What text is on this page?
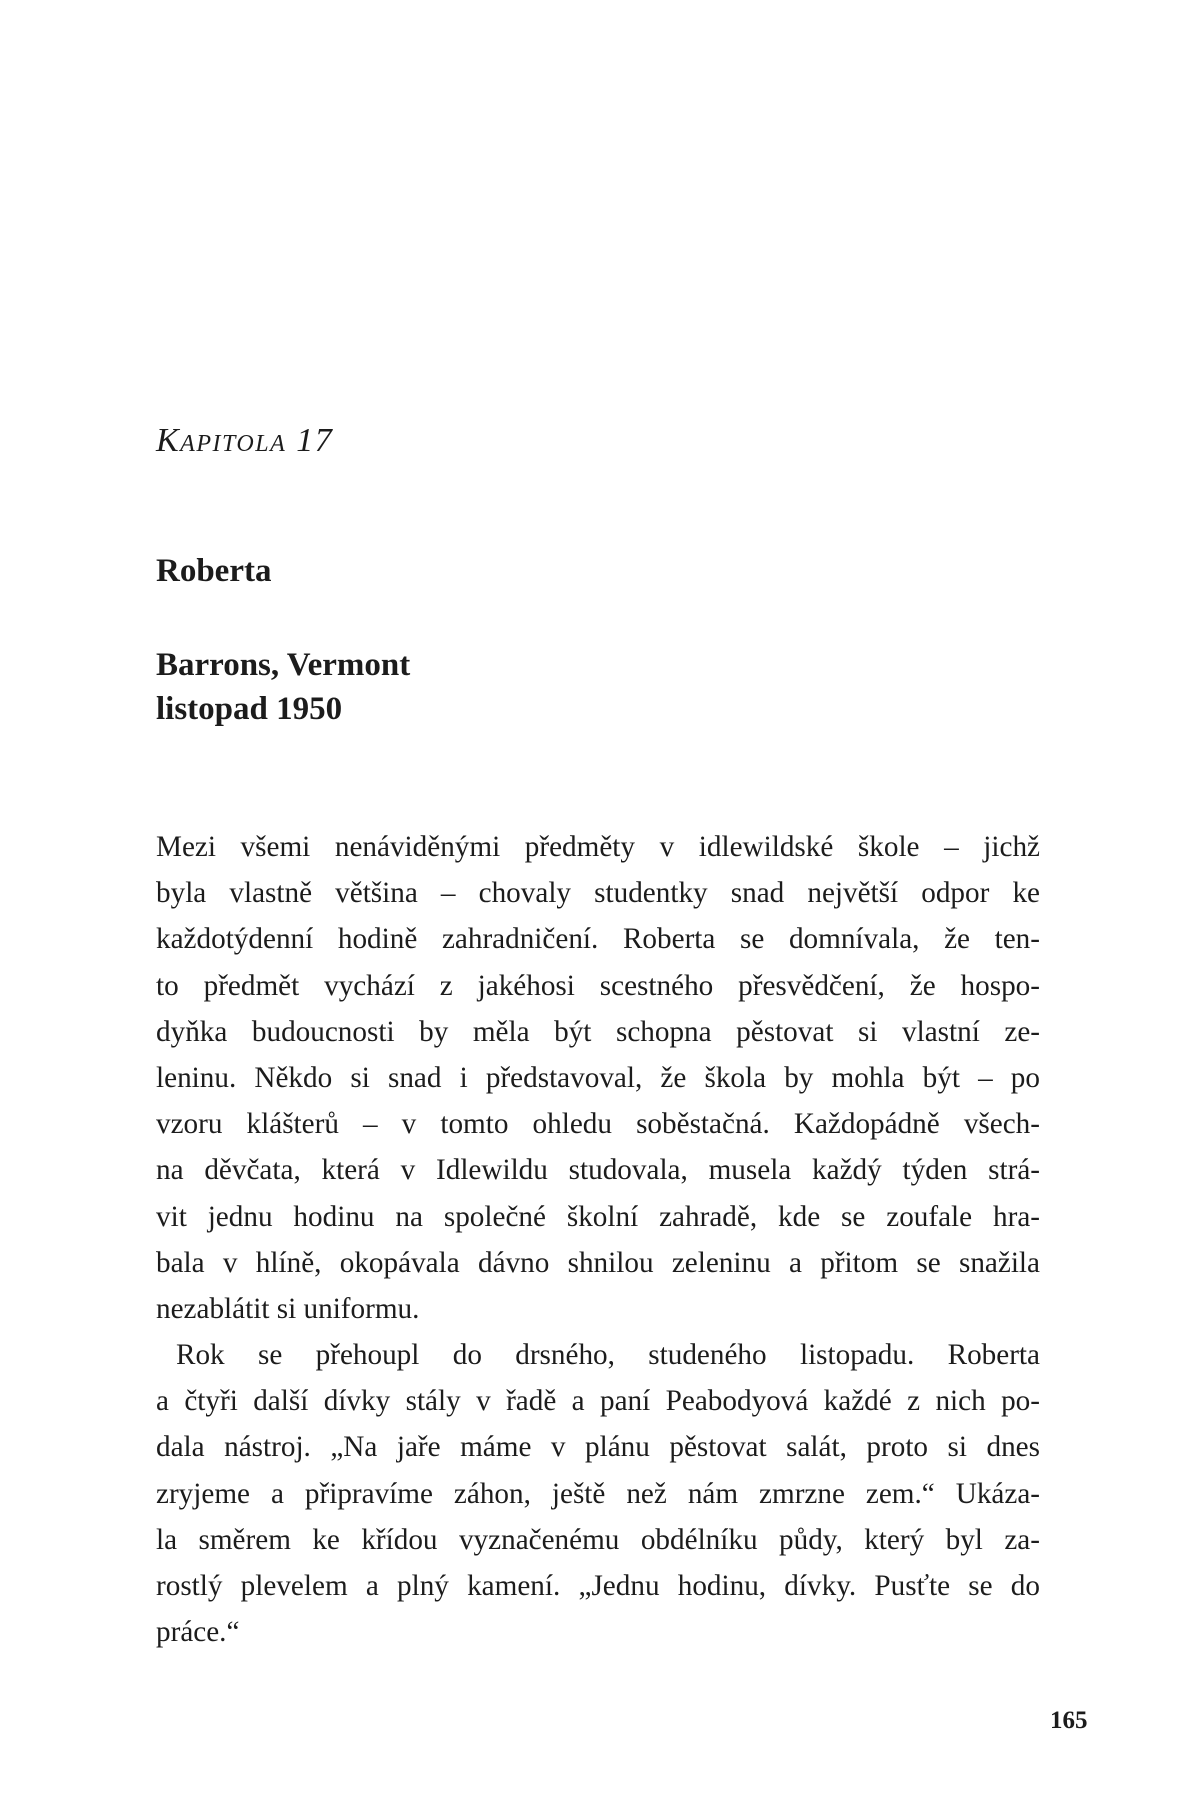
Kapitola 17
Roberta
Barrons, Vermont
listopad 1950
Mezi všemi nenáviděnými předměty v idlewildské škole – jichž
byla vlastně většina – chovaly studentky snad největší odpor ke
každotýdenní hodině zahradničení. Roberta se domnívala, že ten-
to předmět vychází z jakéhosi scestného přesvědčení, že hospo-
dyňka budoucnosti by měla být schopna pěstovat si vlastní ze-
leninu. Někdo si snad i představoval, že škola by mohla být – po
vzoru klášterů – v tomto ohledu soběstačná. Každopádně všech-
na děvčata, která v Idlewildu studovala, musela každý týden strá-
vit jednu hodinu na společné školní zahradě, kde se zoufale hra-
bala v hlíně, okopávala dávno shnilou zeleninu a přitom se snažila
nezablátit si uniformu.
Rok se přehoupl do drsného, studeného listopadu. Roberta
a čtyři další dívky stály v řadě a paní Peabodyová každé z nich po-
dala nástroj. „Na jaře máme v plánu pěstovat salát, proto si dnes
zryjeme a připravíme záhon, ještě než nám zmrzne zem.“ Ukáza-
la směrem ke křídou vyznačenému obdélníku půdy, který byl za-
rostlý plevelem a plný kamení. „Jednu hodinu, dívky. Pusťte se do
práce.“
165
